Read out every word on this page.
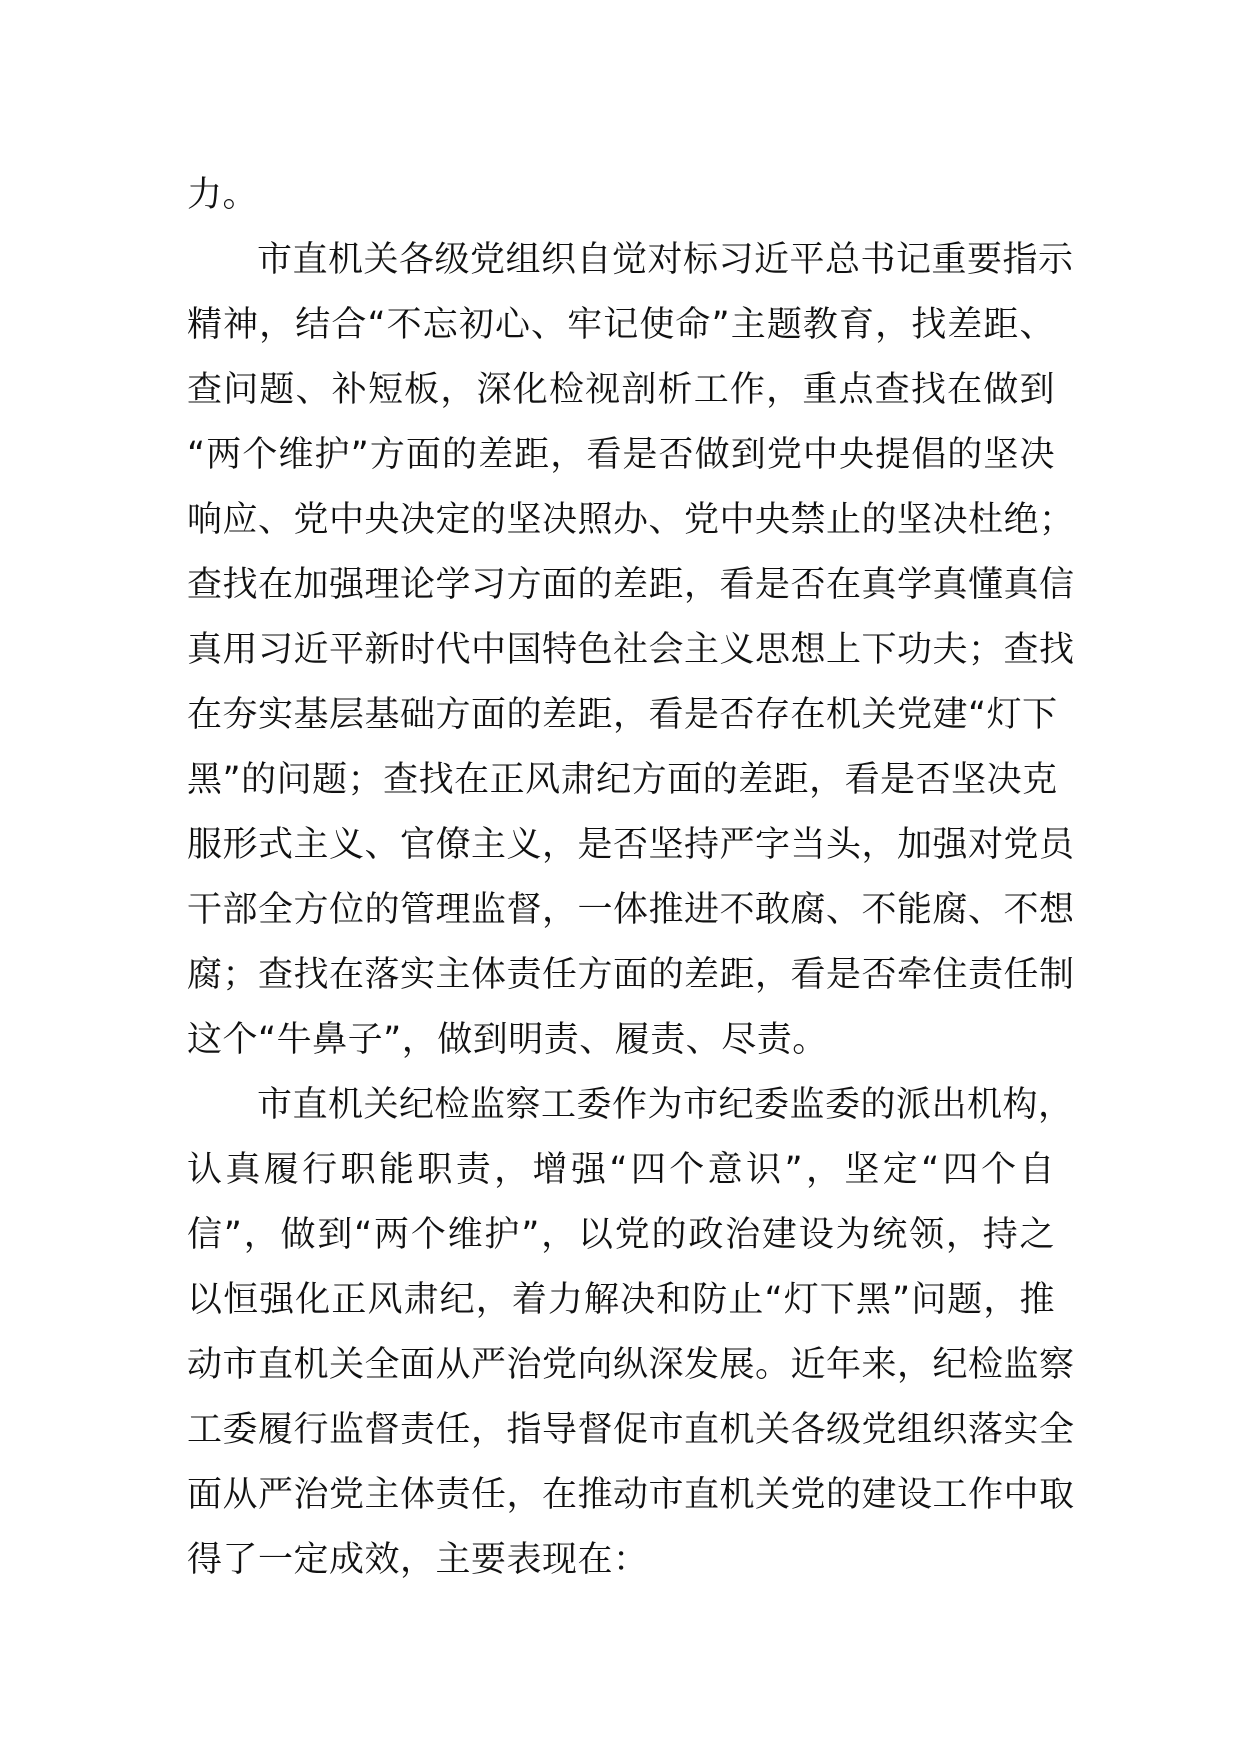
力。
市直机关各级党组织自觉对标习近平总书记重要指示
精神，结合“不忘初心、牢记使命”主题教育，找差距、
查问题、补短板，深化检视剖析工作，重点查找在做到
“两个维护”方面的差距，看是否做到党中央提倡的坚决
响应、党中央决定的坚决照办、党中央禁止的坚决杜绝；
查找在加强理论学习方面的差距，看是否在真学真懂真信
真用习近平新时代中国特色社会主义思想上下功夫；查找
在夯实基层基础方面的差距，看是否存在机关党建“灯下
黑”的问题；查找在正风肃纪方面的差距，看是否坚决克
服形式主义、官僚主义，是否坚持严字当头，加强对党员
干部全方位的管理监督，一体推进不敢腐、不能腐、不想
腐；查找在落实主体责任方面的差距，看是否牵住责任制
这个“牛鼻子”，做到明责、履责、尽责。
市直机关纪检监察工委作为市纪委监委的派出机构，
认真履行职能职责，增强“四个意识”，坚定“四个自
信”，做到“两个维护”，以党的政治建设为统领，持之
以恒强化正风肃纪，着力解决和防止“灯下黑”问题，推
动市直机关全面从严治党向纵深发展。近年来，纪检监察
工委履行监督责任，指导督促市直机关各级党组织落实全
面从严治党主体责任，在推动市直机关党的建设工作中取
得了一定成效，主要表现在：
